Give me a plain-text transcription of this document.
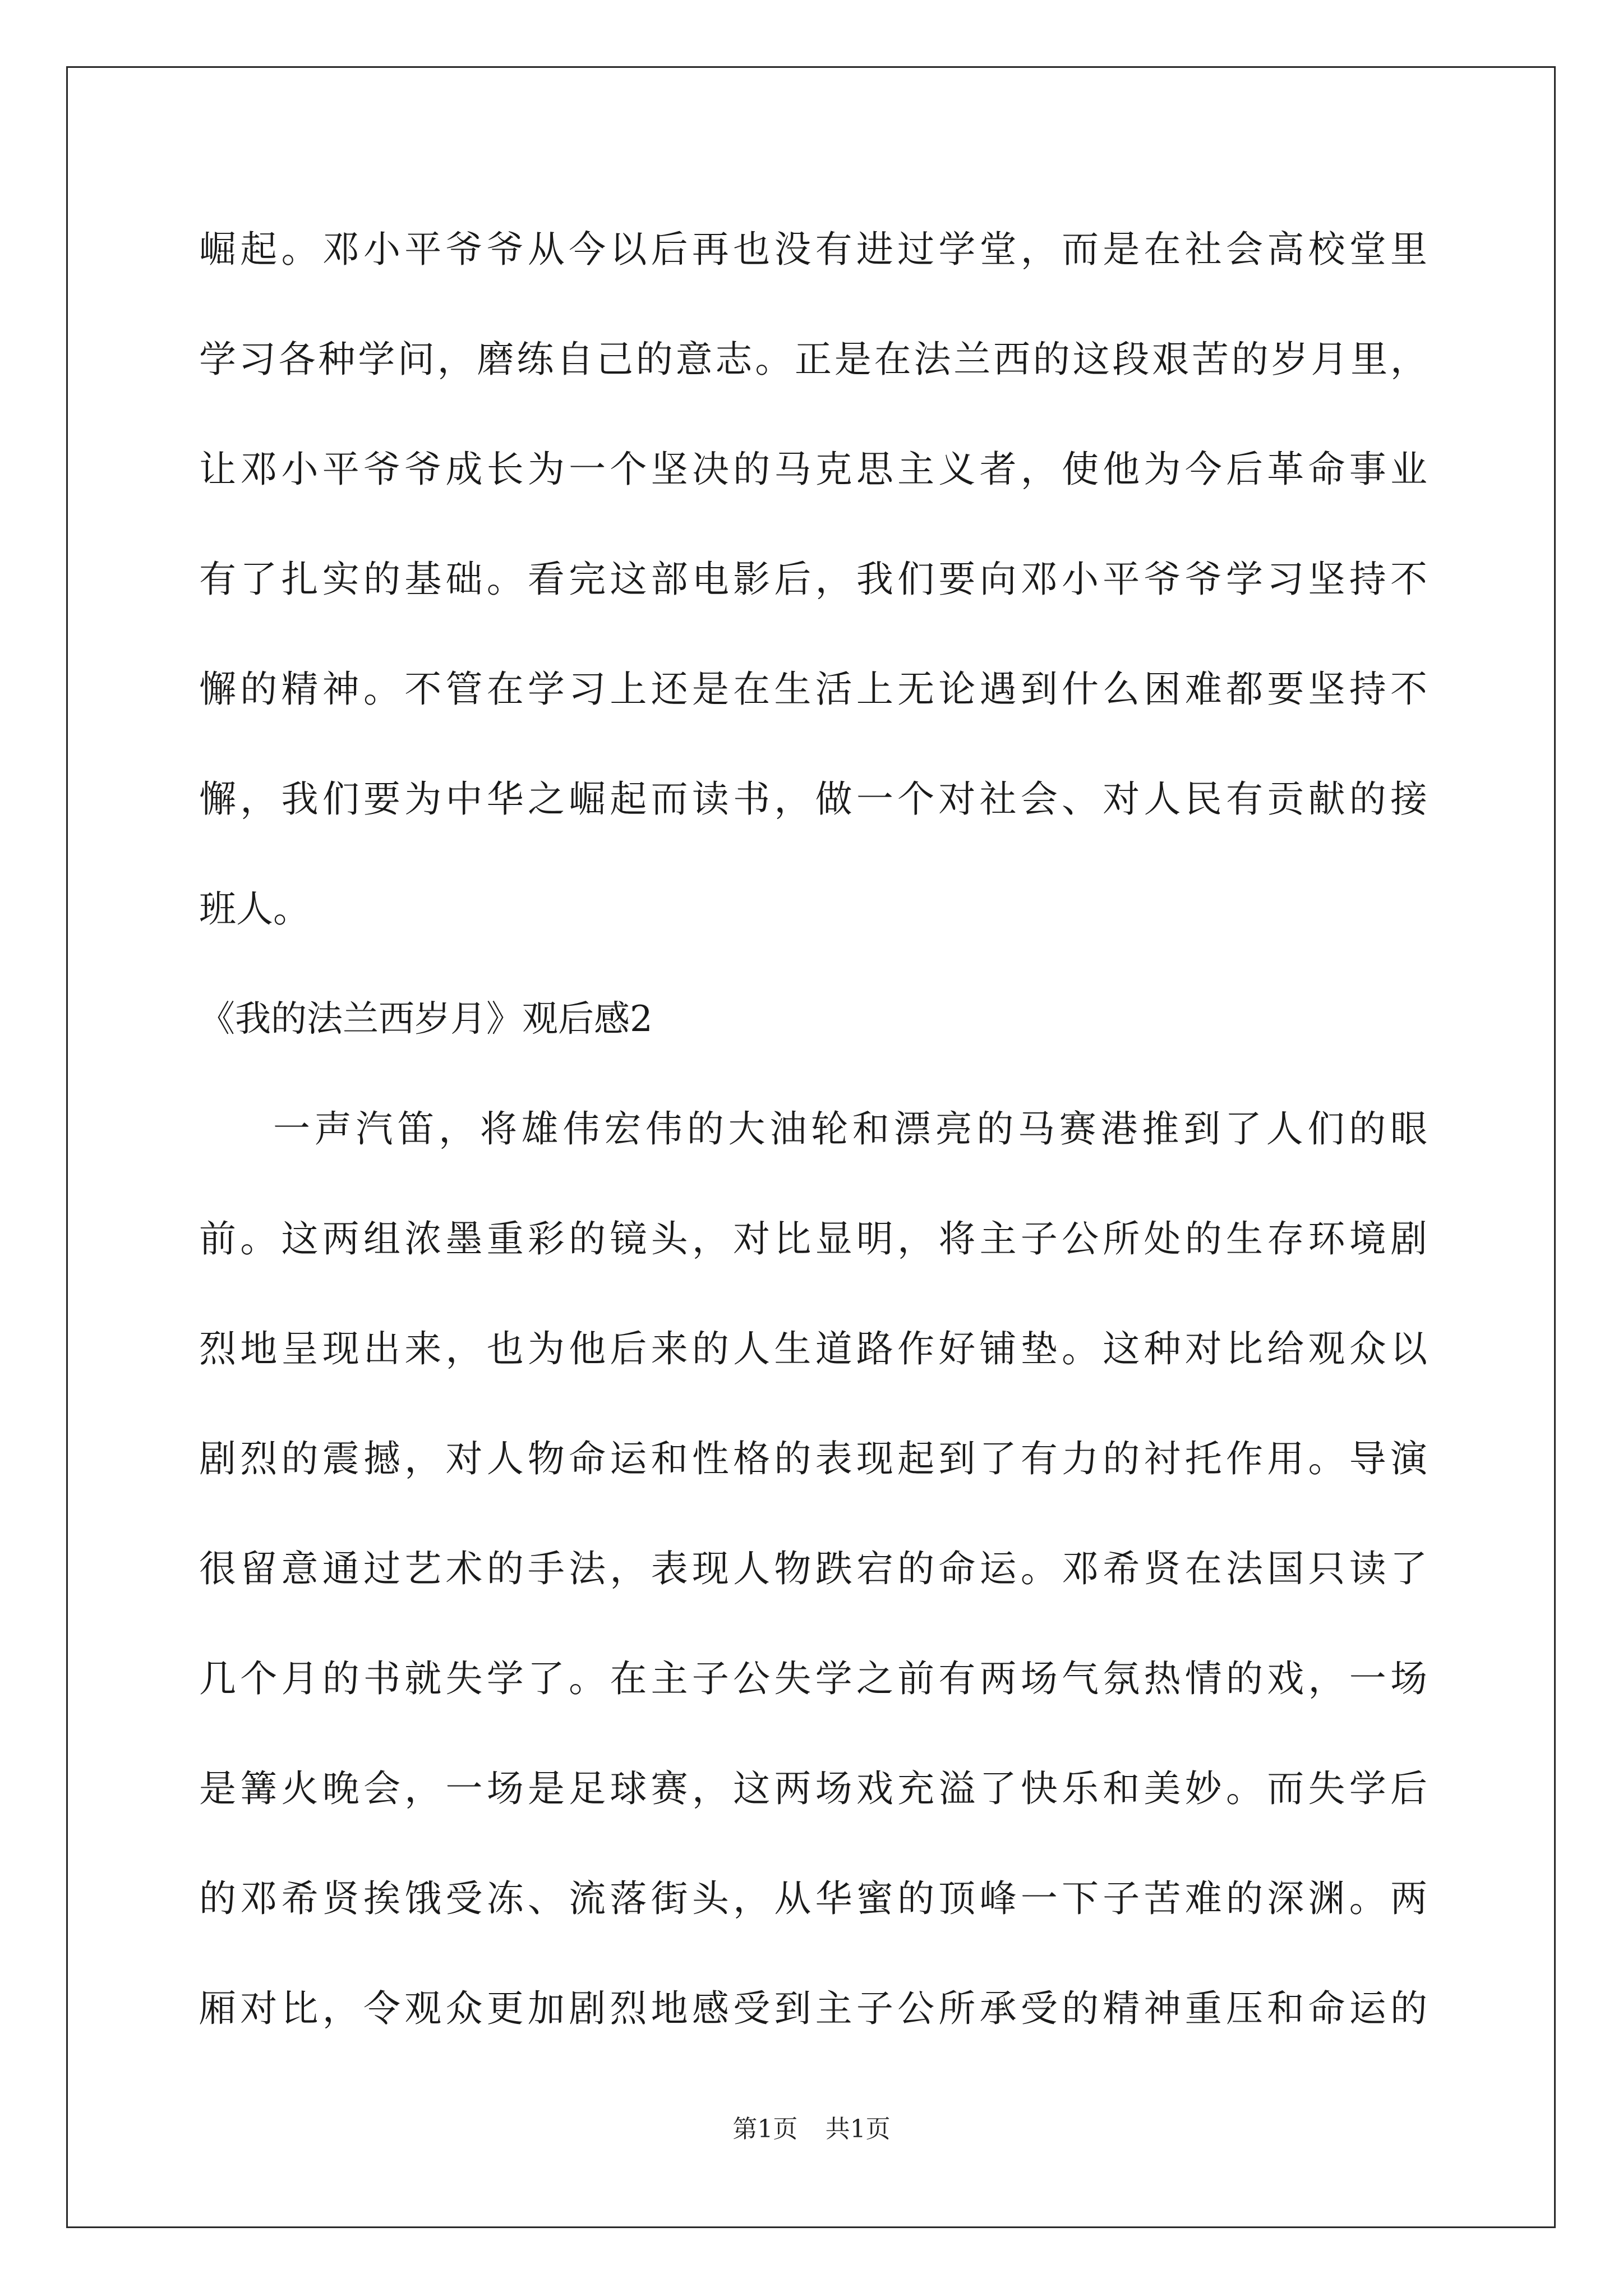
崛起。邓小平爷爷从今以后再也没有进过学堂，而是在社会高校堂里
学习各种学问，磨练自己的意志。正是在法兰西的这段艰苦的岁月里，
让邓小平爷爷成长为一个坚决的马克思主义者，使他为今后革命事业
有了扎实的基础。看完这部电影后，我们要向邓小平爷爷学习坚持不
懈的精神。不管在学习上还是在生活上无论遇到什么困难都要坚持不
懈，我们要为中华之崛起而读书，做一个对社会、对人民有贡献的接
班人。
《我的法兰西岁月》观后感2
一声汽笛，将雄伟宏伟的大油轮和漂亮的马赛港推到了人们的眼
前。这两组浓墨重彩的镜头，对比显明，将主子公所处的生存环境剧
烈地呈现出来，也为他后来的人生道路作好铺垫。这种对比给观众以
剧烈的震撼，对人物命运和性格的表现起到了有力的衬托作用。导演
很留意通过艺术的手法，表现人物跌宕的命运。邓希贤在法国只读了
几个月的书就失学了。在主子公失学之前有两场气氛热情的戏，一场
是篝火晚会，一场是足球赛，这两场戏充溢了快乐和美妙。而失学后
的邓希贤挨饿受冻、流落街头，从华蜜的顶峰一下子苦难的深渊。两
厢对比，令观众更加剧烈地感受到主子公所承受的精神重压和命运的
第1页 共1页
